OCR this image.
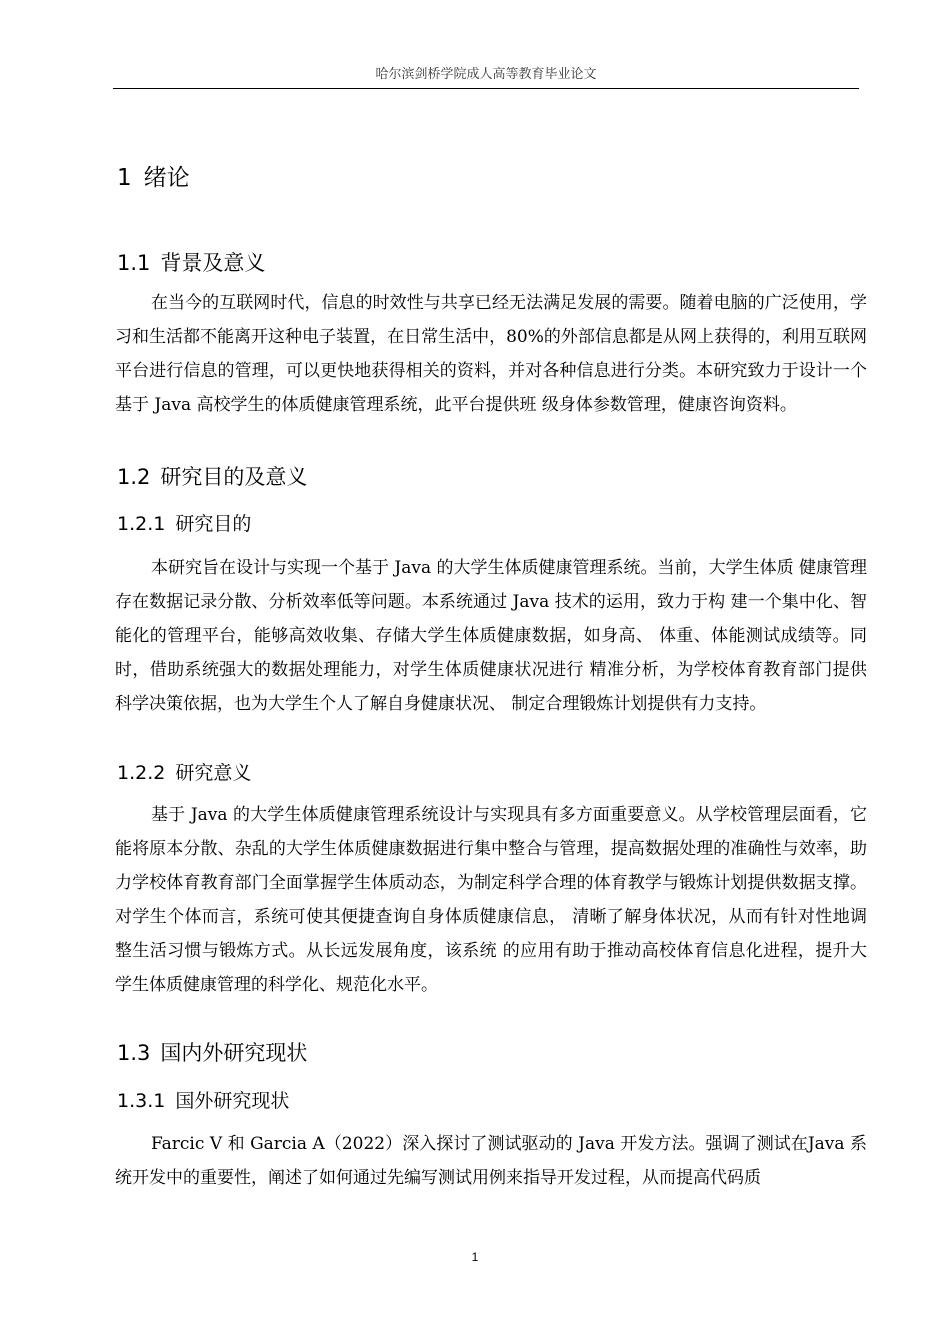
哈尔滨剑桥学院成人高等教育毕业论文
1 绪论
1.1 背景及意义

在当今的互联网时代，信息的时效性与共享已经无法满足发展的需要。随着电脑的广泛使用，学习和生活都不能离开这种电子装置，在日常生活中，80%的外部信息都是从网上获得的，利用互联网平台进行信息的管理，可以更快地获得相关的资料，并对各种信息进行分类。本研究致力于设计一个基于 Java 高校学生的体质健康管理系统，此平台提供班 级身体参数管理，健康咨询资料。

1.2 研究目的及意义
1.2.1 研究目的

本研究旨在设计与实现一个基于 Java 的大学生体质健康管理系统。当前，大学生体质 健康管理存在数据记录分散、分析效率低等问题。本系统通过 Java 技术的运用，致力于构 建一个集中化、智能化的管理平台，能够高效收集、存储大学生体质健康数据，如身高、 体重、体能测试成绩等。同时，借助系统强大的数据处理能力，对学生体质健康状况进行 精准分析，为学校体育教育部门提供科学决策依据，也为大学生个人了解自身健康状况、 制定合理锻炼计划提供有力支持。

1.2.2 研究意义

基于 Java 的大学生体质健康管理系统设计与实现具有多方面重要意义。从学校管理层面看，它能将原本分散、杂乱的大学生体质健康数据进行集中整合与管理，提高数据处理的准确性与效率，助力学校体育教育部门全面掌握学生体质动态，为制定科学合理的体育教学与锻炼计划提供数据支撑。对学生个体而言，系统可使其便捷查询自身体质健康信息， 清晰了解身体状况，从而有针对性地调整生活习惯与锻炼方式。从长远发展角度，该系统 的应用有助于推动高校体育信息化进程，提升大学生体质健康管理的科学化、规范化水平。

1.3 国内外研究现状
1.3.1 国外研究现状

Farcic V 和 Garcia A（2022）深入探讨了测试驱动的 Java 开发方法。强调了测试在Java 系统开发中的重要性，阐述了如何通过先编写测试用例来指导开发过程，从而提高代码质

1
